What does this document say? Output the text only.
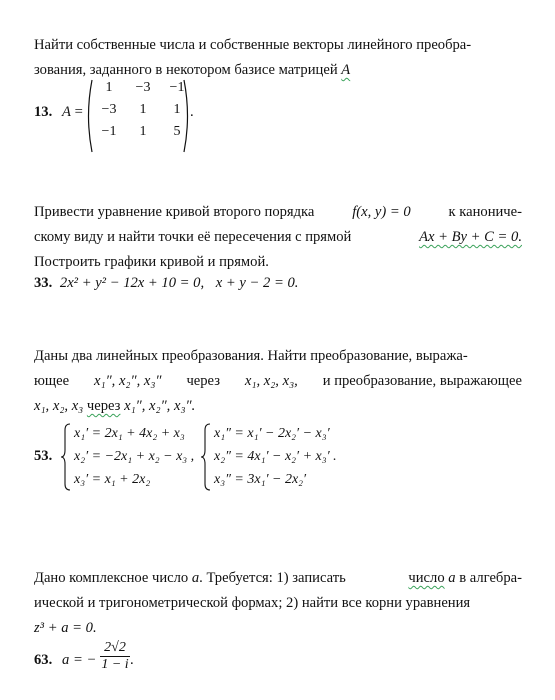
Найти собственные числа и собственные векторы линейного преобра-
зования, заданного в некотором базисе матрицей A
13. A =
1	−3	−1
−3	1	1
−1	1	5
.
Привести уравнение кривой второго порядка	f(x, y) = 0	к канониче-
скому виду и найти точки её пересечения с прямой	Ax + By + C = 0.
Построить графики кривой и прямой.
33. 2x² + y² − 12x + 10 = 0, x + y − 2 = 0.
Даны два линейных преобразования. Найти преобразование, выража-
ющее x₁″, x₂″, x₃″ через x₁, x₂, x₃, и преобразование, выражающее
x₁, x₂, x₃ через x₁″, x₂″, x₃″.
53.
x₁′ = 2x₁ + 4x₂ + x₃
x₂′ = −2x₁ + x₂ − x₃ ,
x₃′ = x₁ + 2x₂
x₁″ = x₁′ − 2x₂′ − x₃′
x₂″ = 4x₁′ − x₂′ + x₃′ .
x₃″ = 3x₁′ − 2x₂′
Дано комплексное число a. Требуется: 1) записать	число a в алгебра-
ической и тригонометрической формах; 2) найти все корни уравнения
z³ + a = 0.
63. a = − $\frac{2√2}{1 - i}$ .
